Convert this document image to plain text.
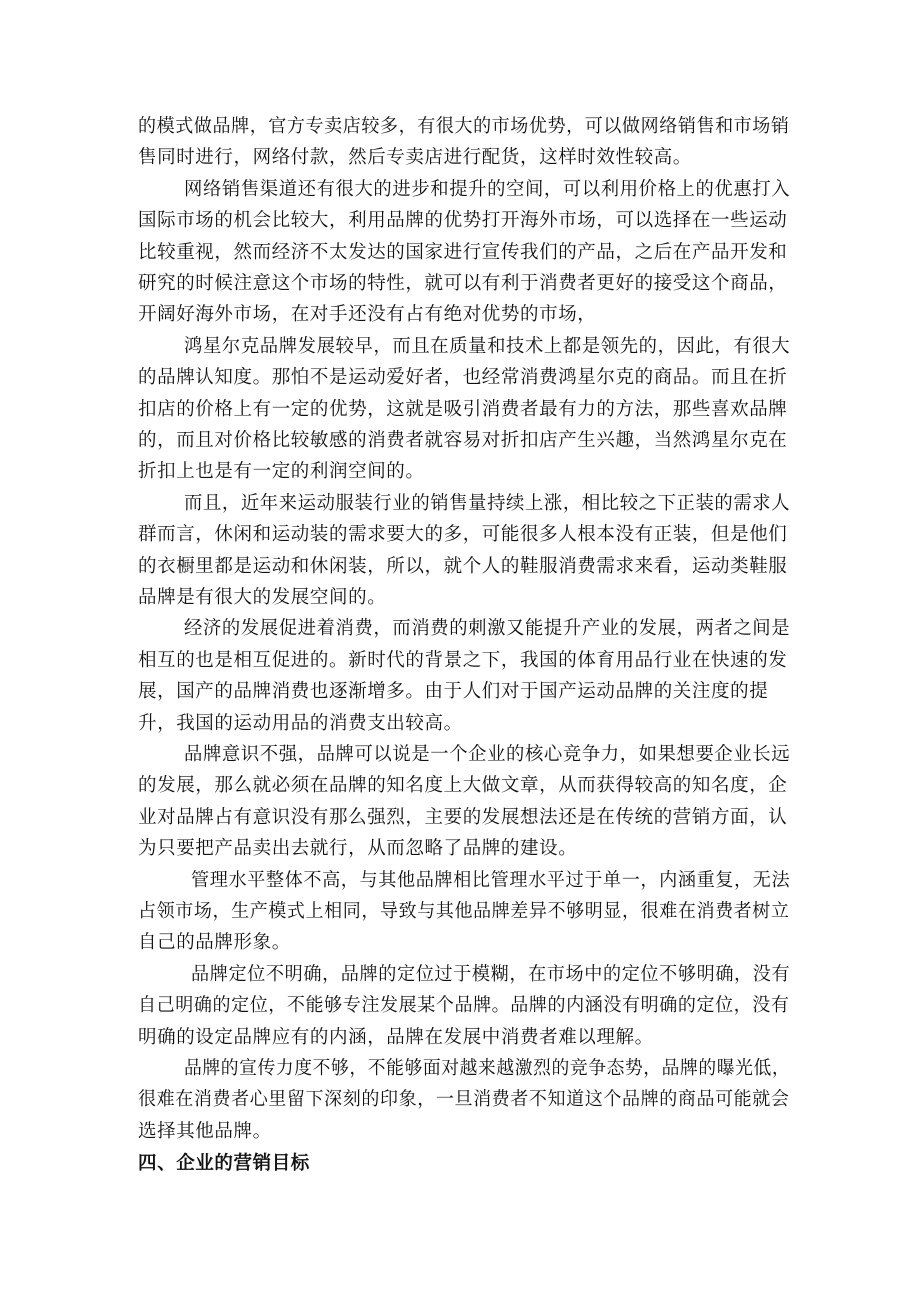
的模式做品牌，官方专卖店较多，有很大的市场优势，可以做网络销售和市场销
售同时进行，网络付款，然后专卖店进行配货，这样时效性较高。
网络销售渠道还有很大的进步和提升的空间，可以利用价格上的优惠打入
国际市场的机会比较大，利用品牌的优势打开海外市场，可以选择在一些运动
比较重视，然而经济不太发达的国家进行宣传我们的产品，之后在产品开发和
研究的时候注意这个市场的特性，就可以有利于消费者更好的接受这个商品，
开阔好海外市场，在对手还没有占有绝对优势的市场，
鸿星尔克品牌发展较早，而且在质量和技术上都是领先的，因此，有很大
的品牌认知度。那怕不是运动爱好者，也经常消费鸿星尔克的商品。而且在折
扣店的价格上有一定的优势，这就是吸引消费者最有力的方法，那些喜欢品牌
的，而且对价格比较敏感的消费者就容易对折扣店产生兴趣，当然鸿星尔克在
折扣上也是有一定的利润空间的。
而且，近年来运动服装行业的销售量持续上涨，相比较之下正装的需求人
群而言，休闲和运动装的需求要大的多，可能很多人根本没有正装，但是他们
的衣橱里都是运动和休闲装，所以，就个人的鞋服消费需求来看，运动类鞋服
品牌是有很大的发展空间的。
经济的发展促进着消费，而消费的刺激又能提升产业的发展，两者之间是
相互的也是相互促进的。新时代的背景之下，我国的体育用品行业在快速的发
展，国产的品牌消费也逐渐增多。由于人们对于国产运动品牌的关注度的提
升，我国的运动用品的消费支出较高。
品牌意识不强，品牌可以说是一个企业的核心竞争力，如果想要企业长远
的发展，那么就必须在品牌的知名度上大做文章，从而获得较高的知名度，企
业对品牌占有意识没有那么强烈，主要的发展想法还是在传统的营销方面，认
为只要把产品卖出去就行，从而忽略了品牌的建设。
管理水平整体不高，与其他品牌相比管理水平过于单一，内涵重复，无法
占领市场，生产模式上相同，导致与其他品牌差异不够明显，很难在消费者树立
自己的品牌形象。
品牌定位不明确，品牌的定位过于模糊，在市场中的定位不够明确，没有
自己明确的定位，不能够专注发展某个品牌。品牌的内涵没有明确的定位，没有
明确的设定品牌应有的内涵，品牌在发展中消费者难以理解。
品牌的宣传力度不够，不能够面对越来越激烈的竞争态势，品牌的曝光低，
很难在消费者心里留下深刻的印象，一旦消费者不知道这个品牌的商品可能就会
选择其他品牌。
四、企业的营销目标
